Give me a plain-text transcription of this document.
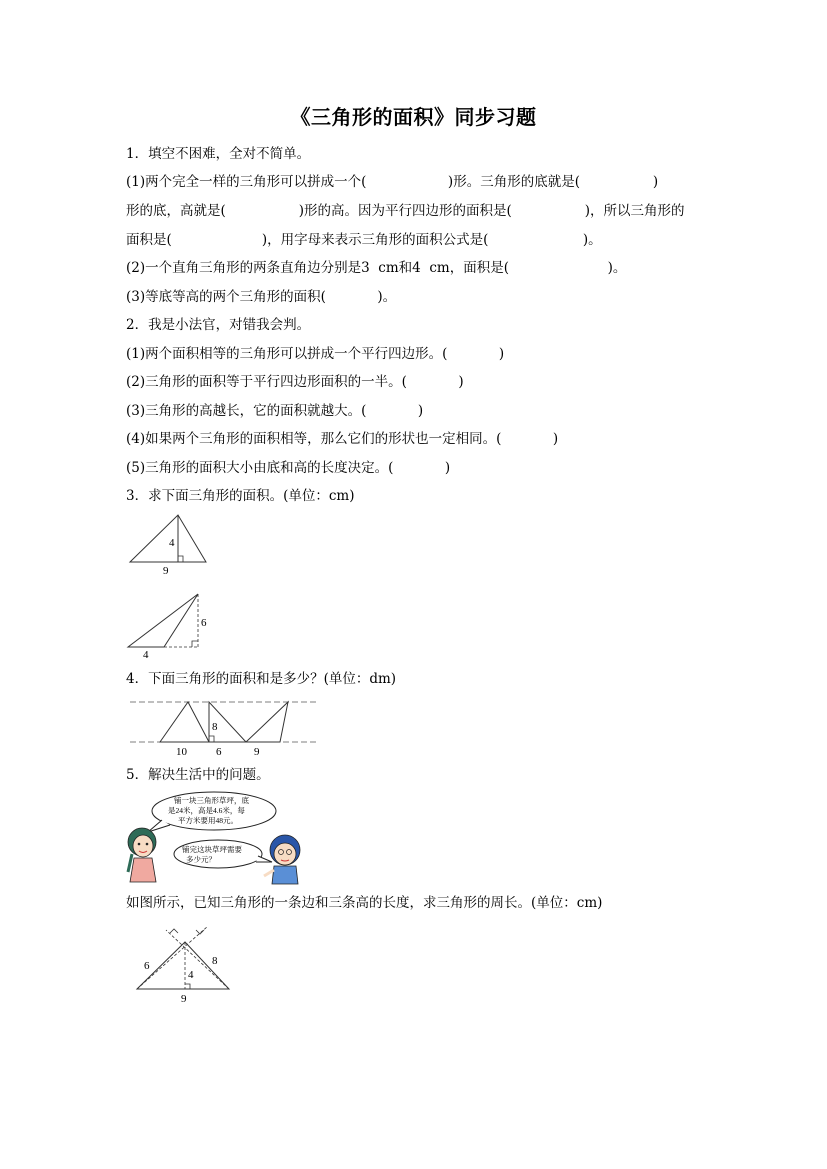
《三角形的面积》同步习题
1．填空不困难，全对不简单。
(1)两个完全一样的三角形可以拼成一个(                   )形。三角形的底就是(                 )
形的底，高就是(                 )形的高。因为平行四边形的面积是(                 )，所以三角形的
面积是(                     )，用字母来表示三角形的面积公式是(                      )。
(2)一个直角三角形的两条直角边分别是3  cm和4  cm，面积是(                       )。
(3)等底等高的两个三角形的面积(            )。
2．我是小法官，对错我会判。
(1)两个面积相等的三角形可以拼成一个平行四边形。(            )
(2)三角形的面积等于平行四边形面积的一半。(            )
(3)三角形的高越长，它的面积就越大。(            )
(4)如果两个三角形的面积相等，那么它们的形状也一定相同。(            )
(5)三角形的面积大小由底和高的长度决定。(            )
3．求下面三角形的面积。(单位：cm)
4
9
6
4
4．下面三角形的面积和是多少？(单位：dm)
8
10	6	9
5．解决生活中的问题。
铺一块三角形草坪，底
是24米，高是4.6米，每
平方米要用48元。
铺完这块草坪需要
多少元？
如图所示，已知三角形的一条边和三条高的长度，求三角形的周长。(单位：cm)
6	8
4
9
